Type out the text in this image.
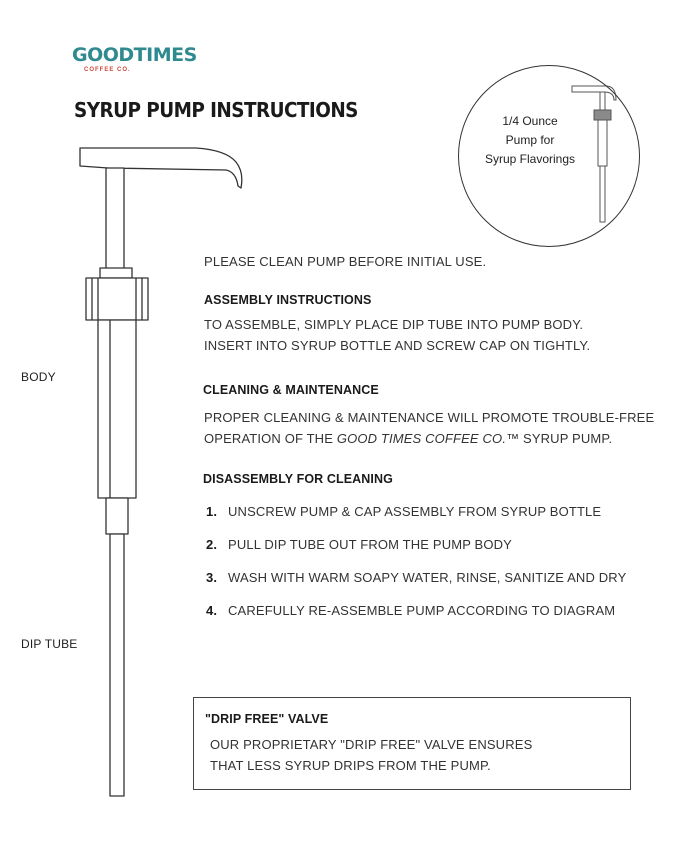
GOODTIMES
COFFEE CO.
SYRUP PUMP INSTRUCTIONS	1/4 Ounce
Pump for
Syrup Flavorings
BODY
DIP TUBE
PLEASE CLEAN PUMP BEFORE INITIAL USE.
ASSEMBLY INSTRUCTIONS
TO ASSEMBLE, SIMPLY PLACE DIP TUBE INTO PUMP BODY.
INSERT INTO SYRUP BOTTLE AND SCREW CAP ON TIGHTLY.
CLEANING & MAINTENANCE
PROPER CLEANING & MAINTENANCE WILL PROMOTE TROUBLE-FREE
OPERATION OF THE GOOD TIMES COFFEE CO.™ SYRUP PUMP.
DISASSEMBLY FOR CLEANING
1. UNSCREW PUMP & CAP ASSEMBLY FROM SYRUP BOTTLE
2. PULL DIP TUBE OUT FROM THE PUMP BODY
3. WASH WITH WARM SOAPY WATER, RINSE, SANITIZE AND DRY
4. CAREFULLY RE-ASSEMBLE PUMP ACCORDING TO DIAGRAM
"DRIP FREE" VALVE
OUR PROPRIETARY "DRIP FREE" VALVE ENSURES
THAT LESS SYRUP DRIPS FROM THE PUMP.
